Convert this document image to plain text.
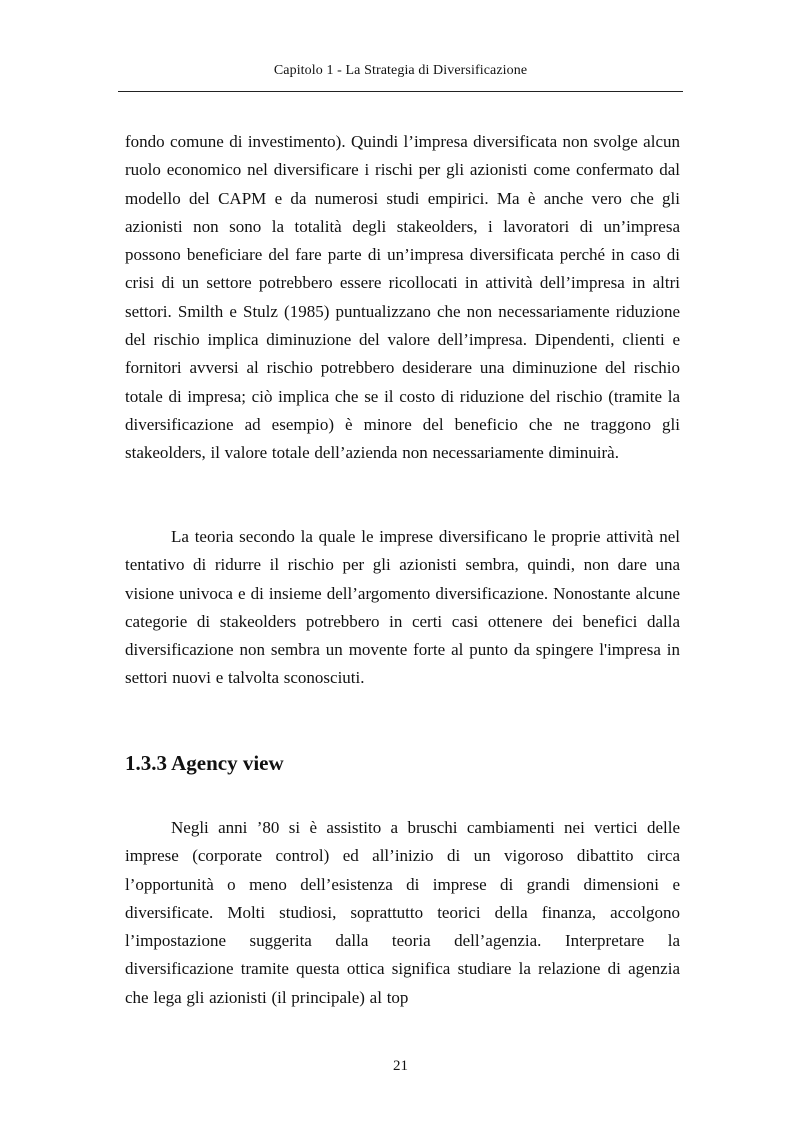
Capitolo 1 - La Strategia di Diversificazione

fondo comune di investimento). Quindi l’impresa diversificata non svolge alcun ruolo economico nel diversificare i rischi per gli azionisti come confermato dal modello del CAPM e da numerosi studi empirici. Ma è anche vero che gli azionisti non sono la totalità degli stakeolders, i lavoratori di un’impresa possono beneficiare del fare parte di un’impresa diversificata perché in caso di crisi di un settore potrebbero essere ricollocati in attività dell’impresa in altri settori. Smilth e Stulz (1985) puntualizzano che non necessariamente riduzione del rischio implica diminuzione del valore dell’impresa. Dipendenti, clienti e fornitori avversi al rischio potrebbero desiderare una diminuzione del rischio totale di impresa; ciò implica che se il costo di riduzione del rischio (tramite la diversificazione ad esempio) è minore del beneficio che ne traggono gli stakeolders, il valore totale dell’azienda non necessariamente diminuirà.

La teoria secondo la quale le imprese diversificano le proprie attività nel tentativo di ridurre il rischio per gli azionisti sembra, quindi, non dare una visione univoca e di insieme dell’argomento diversificazione. Nonostante alcune categorie di stakeolders potrebbero in certi casi ottenere dei benefici dalla diversificazione non sembra un movente forte al punto da spingere l'impresa in settori nuovi e talvolta sconosciuti.

1.3.3 Agency view

Negli anni ’80 si è assistito a bruschi cambiamenti nei vertici delle imprese (corporate control) ed all’inizio di un vigoroso dibattito circa l’opportunità o meno dell’esistenza di imprese di grandi dimensioni e diversificate. Molti studiosi, soprattutto teorici della finanza, accolgono l’impostazione suggerita dalla teoria dell’agenzia. Interpretare la diversificazione tramite questa ottica significa studiare la relazione di agenzia che lega gli azionisti (il principale) al top

21
